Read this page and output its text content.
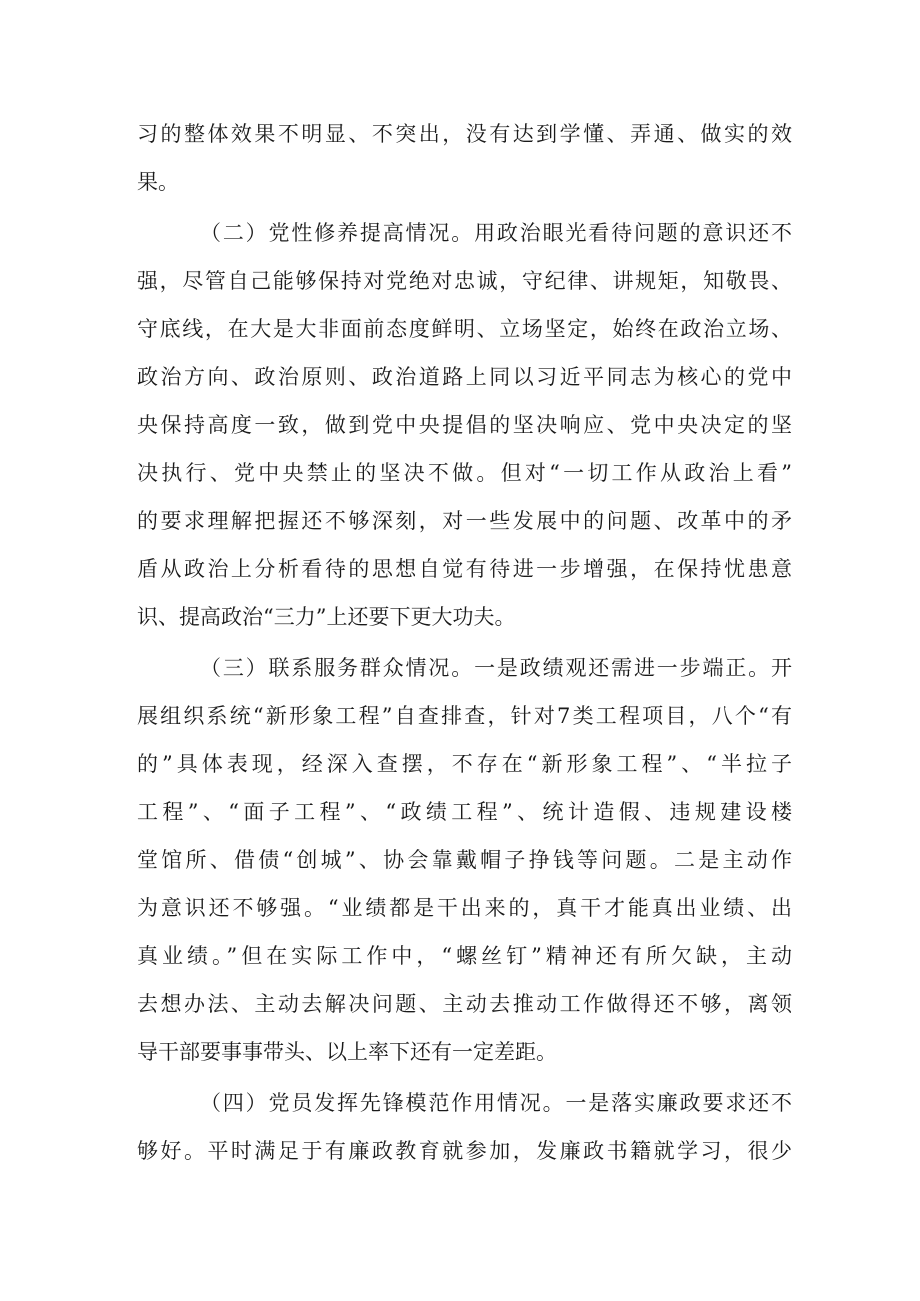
习的整体效果不明显、不突出，没有达到学懂、弄通、做实的效
果。
（二）党性修养提高情况。用政治眼光看待问题的意识还不
强，尽管自己能够保持对党绝对忠诚，守纪律、讲规矩，知敬畏、
守底线，在大是大非面前态度鲜明、立场坚定，始终在政治立场、
政治方向、政治原则、政治道路上同以习近平同志为核心的党中
央保持高度一致，做到党中央提倡的坚决响应、党中央决定的坚
决执行、党中央禁止的坚决不做。但对“一切工作从政治上看”
的要求理解把握还不够深刻，对一些发展中的问题、改革中的矛
盾从政治上分析看待的思想自觉有待进一步增强，在保持忧患意
识、提高政治“三力”上还要下更大功夫。
（三）联系服务群众情况。一是政绩观还需进一步端正。开
展组织系统“新形象工程”自查排查，针对7类工程项目，八个“有
的”具体表现，经深入查摆，不存在“新形象工程”、“半拉子
工程”、“面子工程”、“政绩工程”、统计造假、违规建设楼
堂馆所、借债“创城”、协会靠戴帽子挣钱等问题。二是主动作
为意识还不够强。“业绩都是干出来的，真干才能真出业绩、出
真业绩。”但在实际工作中，“螺丝钉”精神还有所欠缺，主动
去想办法、主动去解决问题、主动去推动工作做得还不够，离领
导干部要事事带头、以上率下还有一定差距。
（四）党员发挥先锋模范作用情况。一是落实廉政要求还不
够好。平时满足于有廉政教育就参加，发廉政书籍就学习，很少
